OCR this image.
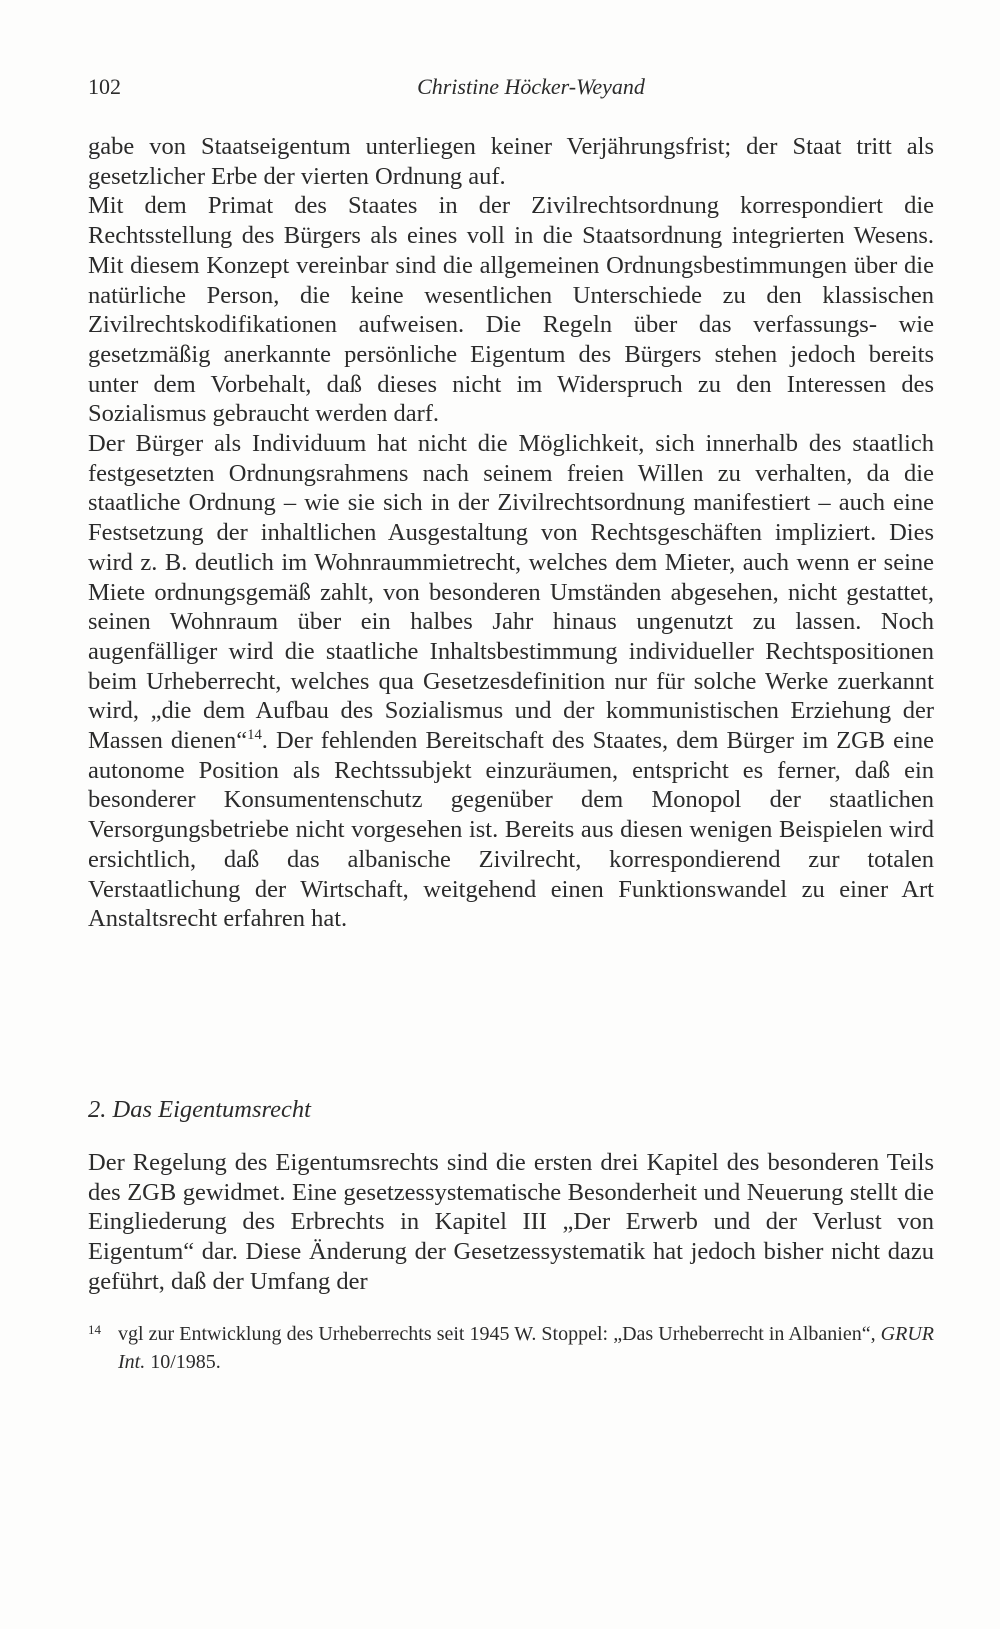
102	Christine Höcker-Weyand

gabe von Staatseigentum unterliegen keiner Verjährungsfrist; der Staat tritt als gesetzlicher Erbe der vierten Ordnung auf.

Mit dem Primat des Staates in der Zivilrechtsordnung korrespondiert die Rechtsstellung des Bürgers als eines voll in die Staatsordnung integrierten Wesens. Mit diesem Konzept vereinbar sind die allgemeinen Ordnungsbestimmungen über die natürliche Person, die keine wesentlichen Unterschiede zu den klassischen Zivilrechtskodifikationen aufweisen. Die Regeln über das verfassungs- wie gesetzmäßig anerkannte persönliche Eigentum des Bürgers stehen jedoch bereits unter dem Vorbehalt, daß dieses nicht im Widerspruch zu den Interessen des Sozialismus gebraucht werden darf.

Der Bürger als Individuum hat nicht die Möglichkeit, sich innerhalb des staatlich festgesetzten Ordnungsrahmens nach seinem freien Willen zu verhalten, da die staatliche Ordnung – wie sie sich in der Zivilrechtsordnung manifestiert – auch eine Festsetzung der inhaltlichen Ausgestaltung von Rechtsgeschäften impliziert. Dies wird z. B. deutlich im Wohnraummietrecht, welches dem Mieter, auch wenn er seine Miete ordnungsgemäß zahlt, von besonderen Umständen abgesehen, nicht gestattet, seinen Wohnraum über ein halbes Jahr hinaus ungenutzt zu lassen. Noch augenfälliger wird die staatliche Inhaltsbestimmung individueller Rechtspositionen beim Urheberrecht, welches qua Gesetzesdefinition nur für solche Werke zuerkannt wird, „die dem Aufbau des Sozialismus und der kommunistischen Erziehung der Massen dienen“$^{14}$. Der fehlenden Bereitschaft des Staates, dem Bürger im ZGB eine autonome Position als Rechtssubjekt einzuräumen, entspricht es ferner, daß ein besonderer Konsumentenschutz gegenüber dem Monopol der staatlichen Versorgungsbetriebe nicht vorgesehen ist. Bereits aus diesen wenigen Beispielen wird ersichtlich, daß das albanische Zivilrecht, korrespondierend zur totalen Verstaatlichung der Wirtschaft, weitgehend einen Funktionswandel zu einer Art Anstaltsrecht erfahren hat.

2. Das Eigentumsrecht

Der Regelung des Eigentumsrechts sind die ersten drei Kapitel des besonderen Teils des ZGB gewidmet. Eine gesetzessystematische Besonderheit und Neuerung stellt die Eingliederung des Erbrechts in Kapitel III „Der Erwerb und der Verlust von Eigentum“ dar. Diese Änderung der Gesetzessystematik hat jedoch bisher nicht dazu geführt, daß der Umfang der

14 vgl zur Entwicklung des Urheberrechts seit 1945 W. Stoppel: „Das Urheberrecht in Albanien“, GRUR Int. 10/1985.
